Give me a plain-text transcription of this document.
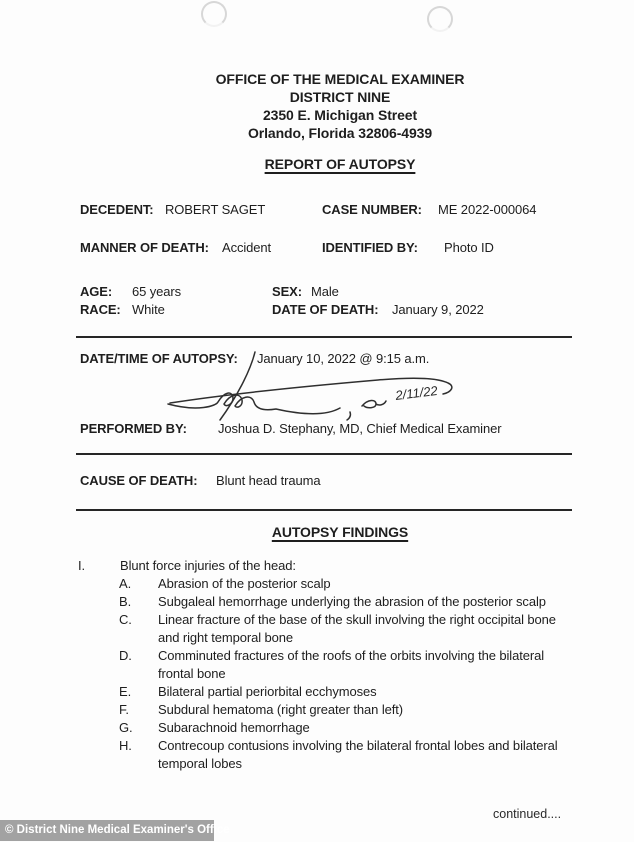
OFFICE OF THE MEDICAL EXAMINER
DISTRICT NINE
2350 E. Michigan Street
Orlando, Florida 32806-4939
REPORT OF AUTOPSY
DECEDENT: ROBERT SAGET	CASE NUMBER: ME 2022-000064
MANNER OF DEATH: Accident	IDENTIFIED BY: Photo ID
AGE: 65 years	SEX: Male
RACE: White	DATE OF DEATH: January 9, 2022
DATE/TIME OF AUTOPSY: January 10, 2022 @ 9:15 a.m.
2/11/22
PERFORMED BY: Joshua D. Stephany, MD, Chief Medical Examiner
CAUSE OF DEATH: Blunt head trauma
AUTOPSY FINDINGS
I.	Blunt force injuries of the head:
A. Abrasion of the posterior scalp
B. Subgaleal hemorrhage underlying the abrasion of the posterior scalp
C. Linear fracture of the base of the skull involving the right occipital bone
and right temporal bone
D. Comminuted fractures of the roofs of the orbits involving the bilateral
frontal bone
E. Bilateral partial periorbital ecchymoses
F. Subdural hematoma (right greater than left)
G. Subarachnoid hemorrhage
H. Contrecoup contusions involving the bilateral frontal lobes and bilateral
temporal lobes
continued....
© District Nine Medical Examiner's Office
